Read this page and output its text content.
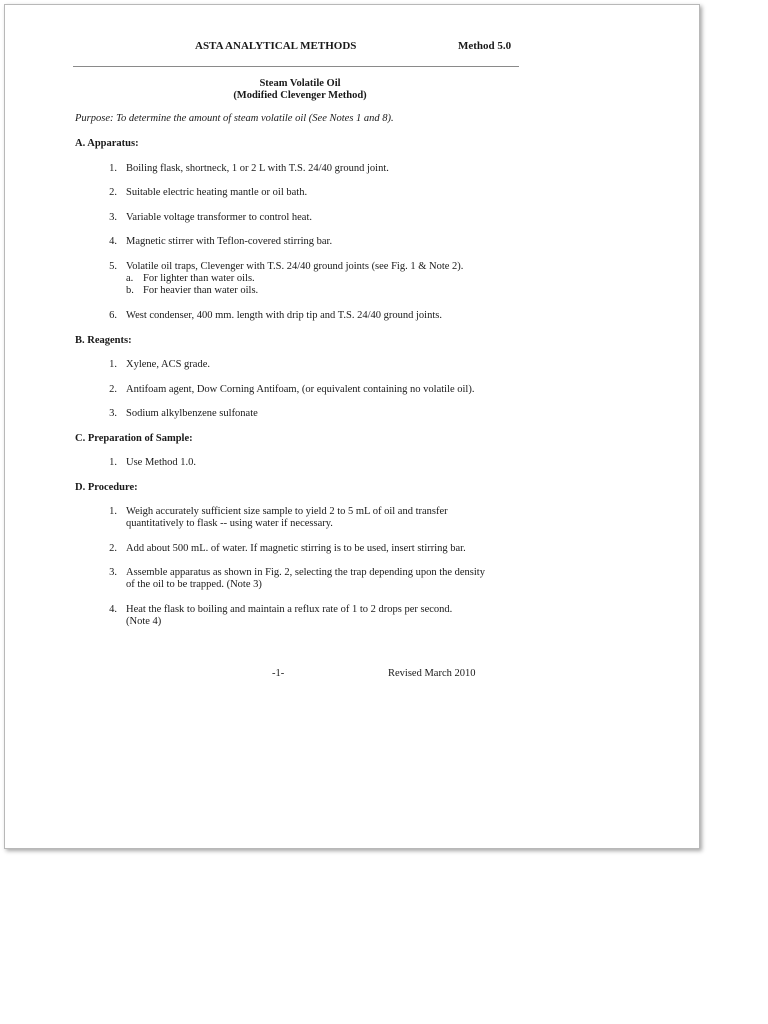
ASTA ANALYTICAL METHODS	Method 5.0
Steam Volatile Oil
(Modified Clevenger Method)
Purpose: To determine the amount of steam volatile oil (See Notes 1 and 8).
A. Apparatus:
1. Boiling flask, shortneck, 1 or 2 L with T.S. 24/40 ground joint.
2. Suitable electric heating mantle or oil bath.
3. Variable voltage transformer to control heat.
4. Magnetic stirrer with Teflon-covered stirring bar.
5. Volatile oil traps, Clevenger with T.S. 24/40 ground joints (see Fig. 1 & Note 2).
a. For lighter than water oils.
b. For heavier than water oils.
6. West condenser, 400 mm. length with drip tip and T.S. 24/40 ground joints.
B. Reagents:
1. Xylene, ACS grade.
2. Antifoam agent, Dow Corning Antifoam, (or equivalent containing no volatile oil).
3. Sodium alkylbenzene sulfonate
C. Preparation of Sample:
1. Use Method 1.0.
D. Procedure:
1. Weigh accurately sufficient size sample to yield 2 to 5 mL of oil and transfer
quantitatively to flask -- using water if necessary.
2. Add about 500 mL. of water. If magnetic stirring is to be used, insert stirring bar.
3. Assemble apparatus as shown in Fig. 2, selecting the trap depending upon the density
of the oil to be trapped. (Note 3)
4. Heat the flask to boiling and maintain a reflux rate of 1 to 2 drops per second.
(Note 4)
-1-	Revised March 2010
